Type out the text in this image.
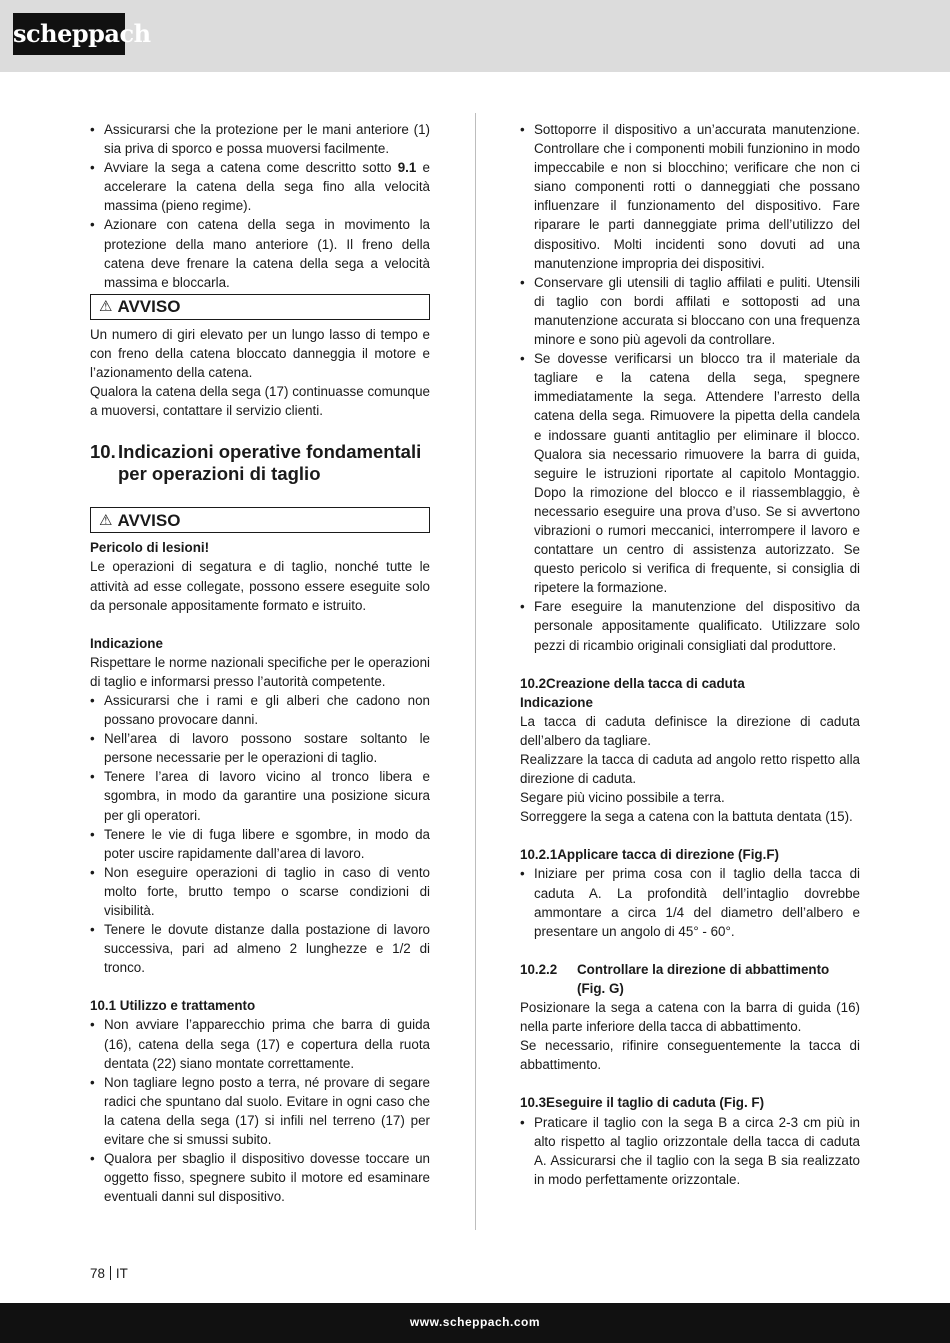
scheppach
• Assicurarsi che la protezione per le mani anteriore (1) sia priva di sporco e possa muoversi facilmente.
• Avviare la sega a catena come descritto sotto 9.1 e accelerare la catena della sega fino alla velocità massima (pieno regime).
• Azionare con catena della sega in movimento la protezione della mano anteriore (1). Il freno della catena deve frenare la catena della sega a velocità massima e bloccarla.
⚠ AVVISO

Un numero di giri elevato per un lungo lasso di tempo e con freno della catena bloccato danneggia il motore e l’azionamento della catena.

Qualora la catena della sega (17) continuasse comunque a muoversi, contattare il servizio clienti.

10. Indicazioni operative fondamentali per operazioni di taglio
⚠ AVVISO

Pericolo di lesioni!

Le operazioni di segatura e di taglio, nonché tutte le attività ad esse collegate, possono essere eseguite solo da personale appositamente formato e istruito.

Indicazione

Rispettare le norme nazionali specifiche per le operazioni di taglio e informarsi presso l’autorità competente.

• Assicurarsi che i rami e gli alberi che cadono non possano provocare danni.
• Nell’area di lavoro possono sostare soltanto le persone necessarie per le operazioni di taglio.
• Tenere l’area di lavoro vicino al tronco libera e sgombra, in modo da garantire una posizione sicura per gli operatori.
• Tenere le vie di fuga libere e sgombre, in modo da poter uscire rapidamente dall’area di lavoro.
• Non eseguire operazioni di taglio in caso di vento molto forte, brutto tempo o scarse condizioni di visibilità.
• Tenere le dovute distanze dalla postazione di lavoro successiva, pari ad almeno 2 lunghezze e 1/2 di tronco.

10.1 Utilizzo e trattamento

• Non avviare l’apparecchio prima che barra di guida (16), catena della sega (17) e copertura della ruota dentata (22) siano montate correttamente.
• Non tagliare legno posto a terra, né provare di segare radici che spuntano dal suolo. Evitare in ogni caso che la catena della sega (17) si infili nel terreno (17) per evitare che si smussi subito.
• Qualora per sbaglio il dispositivo dovesse toccare un oggetto fisso, spegnere subito il motore ed esaminare eventuali danni sul dispositivo.
• Sottoporre il dispositivo a un’accurata manutenzione. Controllare che i componenti mobili funzionino in modo impeccabile e non si blocchino; verificare che non ci siano componenti rotti o danneggiati che possano influenzare il funzionamento del dispositivo. Fare riparare le parti danneggiate prima dell’utilizzo del dispositivo. Molti incidenti sono dovuti ad una manutenzione impropria dei dispositivi.
• Conservare gli utensili di taglio affilati e puliti. Utensili di taglio con bordi affilati e sottoposti ad una manutenzione accurata si bloccano con una frequenza minore e sono più agevoli da controllare.
• Se dovesse verificarsi un blocco tra il materiale da tagliare e la catena della sega, spegnere immediatamente la sega. Attendere l’arresto della catena della sega. Rimuovere la pipetta della candela e indossare guanti antitaglio per eliminare il blocco. Qualora sia necessario rimuovere la barra di guida, seguire le istruzioni riportate al capitolo Montaggio. Dopo la rimozione del blocco e il riassemblaggio, è necessario eseguire una prova d’uso. Se si avvertono vibrazioni o rumori meccanici, interrompere il lavoro e contattare un centro di assistenza autorizzato. Se questo pericolo si verifica di frequente, si consiglia di ripetere la formazione.
• Fare eseguire la manutenzione del dispositivo da personale appositamente qualificato. Utilizzare solo pezzi di ricambio originali consigliati dal produttore.

10.2Creazione della tacca di caduta

Indicazione

La tacca di caduta definisce la direzione di caduta dell’albero da tagliare.

Realizzare la tacca di caduta ad angolo retto rispetto alla direzione di caduta.

Segare più vicino possibile a terra.

Sorreggere la sega a catena con la battuta dentata (15).

10.2.1Applicare tacca di direzione (Fig.F)

• Iniziare per prima cosa con il taglio della tacca di caduta A. La profondità dell’intaglio dovrebbe ammontare a circa 1/4 del diametro dell’albero e presentare un angolo di 45° - 60°.
10.2.2	Controllare la direzione di abbattimento (Fig. G)

Posizionare la sega a catena con la barra di guida (16) nella parte inferiore della tacca di abbattimento.

Se necessario, rifinire conseguentemente la tacca di abbattimento.

10.3Eseguire il taglio di caduta (Fig. F)

• Praticare il taglio con la sega B a circa 2-3 cm più in alto rispetto al taglio orizzontale della tacca di caduta A. Assicurarsi che il taglio con la sega B sia realizzato in modo perfettamente orizzontale.
78 IT
www.scheppach.com
